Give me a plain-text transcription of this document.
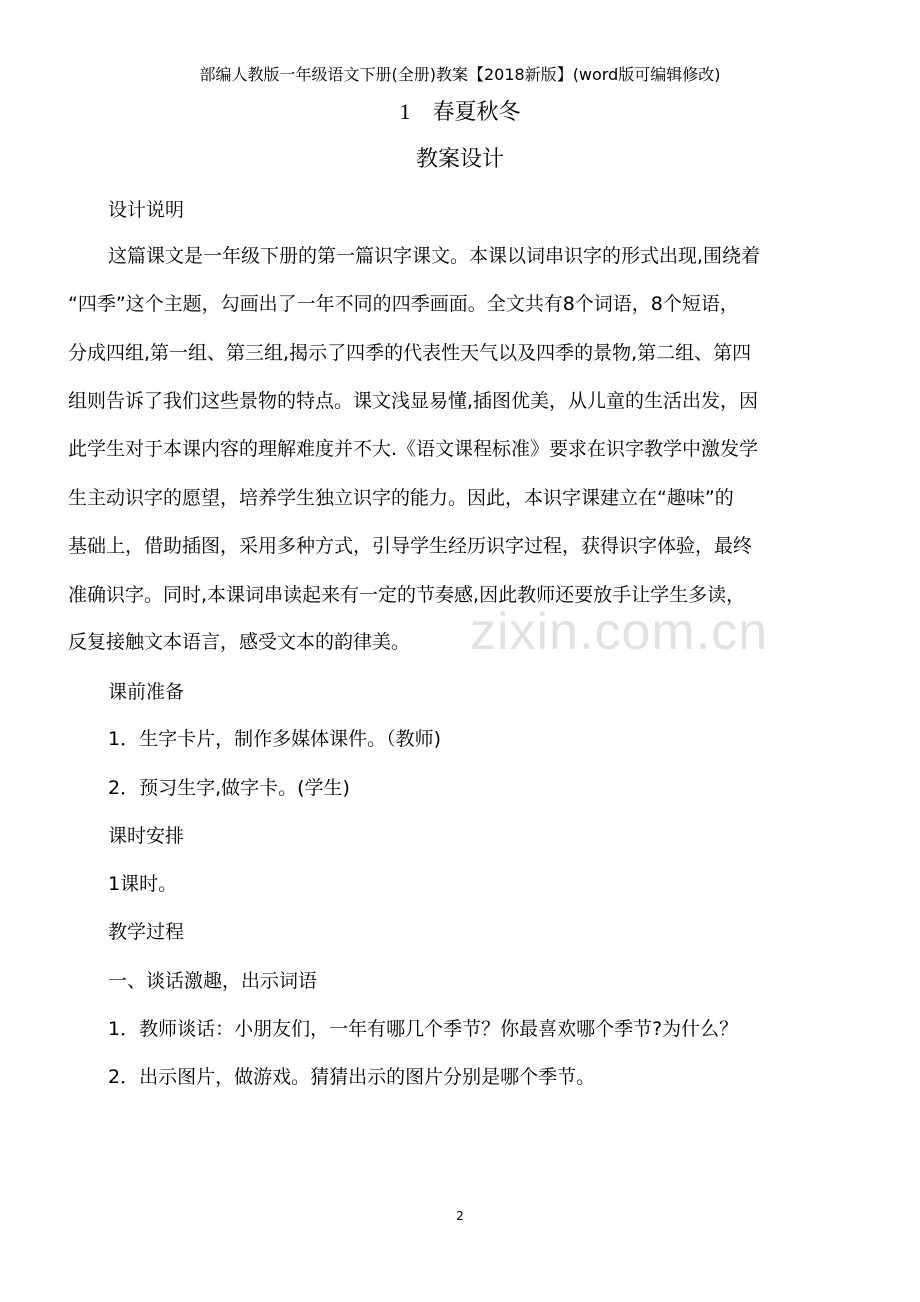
部编人教版一年级语文下册(全册)教案【2018新版】(word版可编辑修改)
1 春夏秋冬
教案设计
设计说明
这篇课文是一年级下册的第一篇识字课文。本课以词串识字的形式出现,围绕着
“四季”这个主题，勾画出了一年不同的四季画面。全文共有8个词语，8个短语，
分成四组,第一组、第三组,揭示了四季的代表性天气以及四季的景物,第二组、第四
组则告诉了我们这些景物的特点。课文浅显易懂,插图优美，从儿童的生活出发，因
此学生对于本课内容的理解难度并不大.《语文课程标准》要求在识字教学中激发学
生主动识字的愿望，培养学生独立识字的能力。因此，本识字课建立在“趣味”的
基础上，借助插图，采用多种方式，引导学生经历识字过程，获得识字体验，最终
准确识字。同时,本课词串读起来有一定的节奏感,因此教师还要放手让学生多读，
反复接触文本语言，感受文本的韵律美。
课前准备
1．生字卡片，制作多媒体课件。（教师)
2．预习生字,做字卡。(学生)
课时安排
1课时。
教学过程
一、谈话激趣，出示词语
1．教师谈话：小朋友们，一年有哪几个季节？你最喜欢哪个季节?为什么？
2．出示图片，做游戏。猜猜出示的图片分别是哪个季节。
zixin.com.cn
2
